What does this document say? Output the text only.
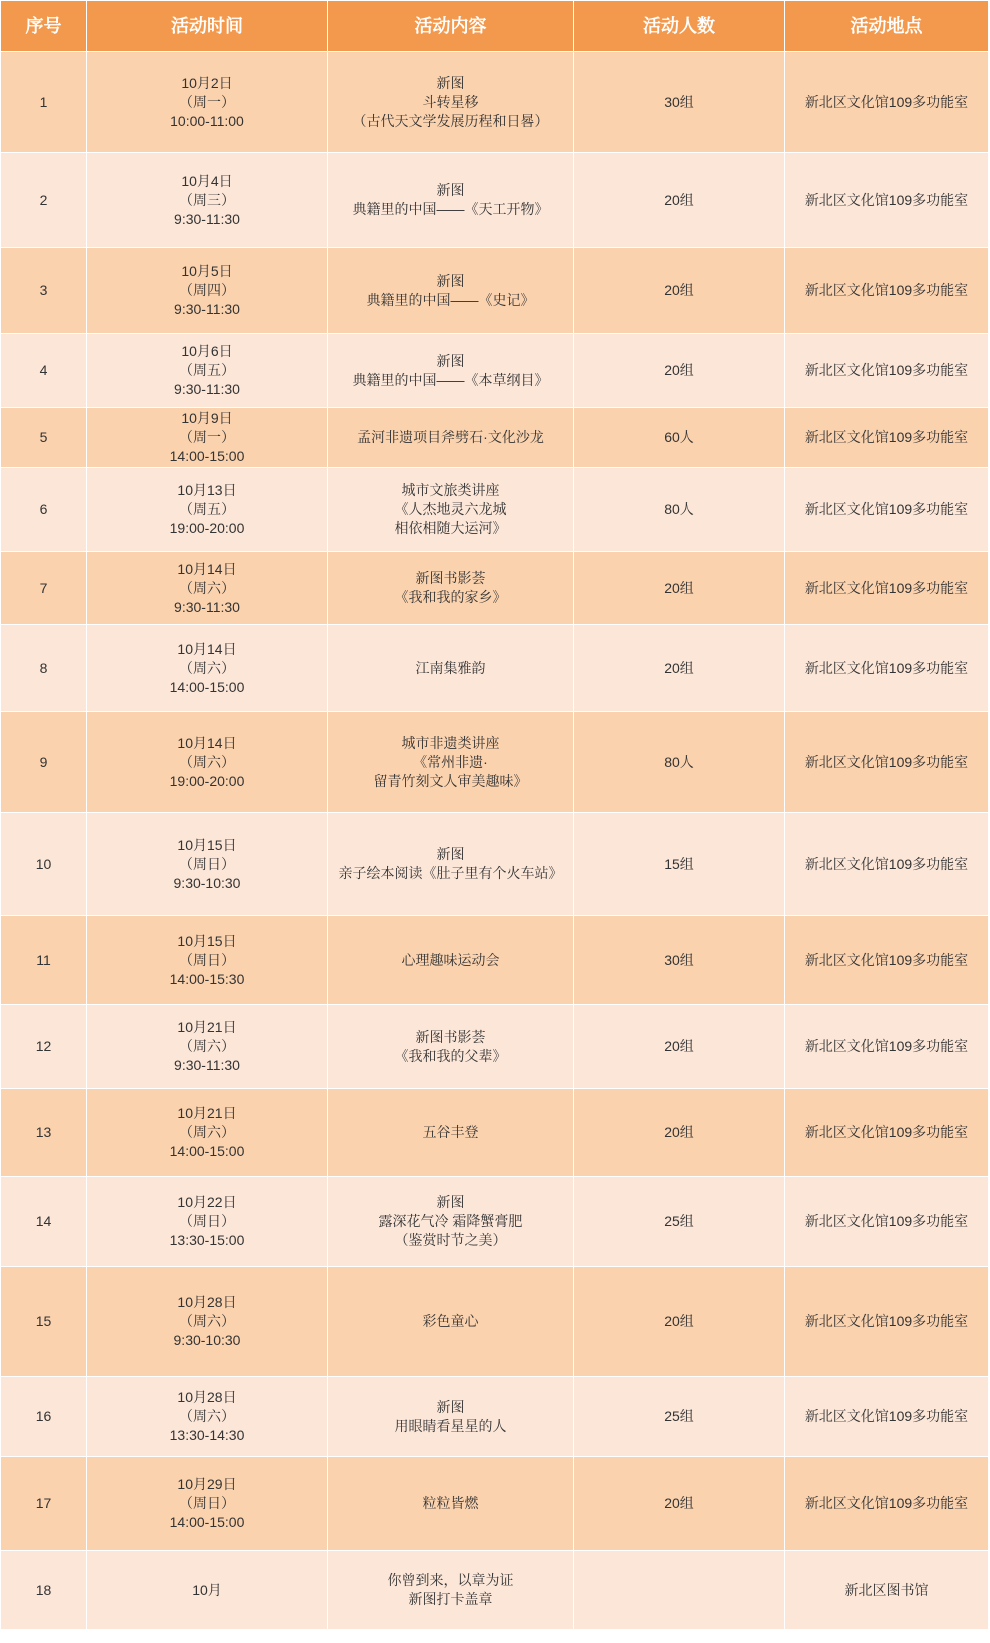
序号	活动时间	活动内容	活动人数	活动地点
1	10月2日
（周一）
10:00-11:00	新图
斗转星移
（古代天文学发展历程和日晷）	30组	新北区文化馆109多功能室
2	10月4日
（周三）
9:30-11:30	新图
典籍里的中国——《天工开物》	20组	新北区文化馆109多功能室
3	10月5日
（周四）
9:30-11:30	新图
典籍里的中国——《史记》	20组	新北区文化馆109多功能室
4	10月6日
（周五）
9:30-11:30	新图
典籍里的中国——《本草纲目》	20组	新北区文化馆109多功能室
5	10月9日
（周一）
14:00-15:00	孟河非遗项目斧劈石·文化沙龙	60人	新北区文化馆109多功能室
6	10月13日
（周五）
19:00-20:00	城市文旅类讲座
《人杰地灵六龙城
相依相随大运河》	80人	新北区文化馆109多功能室
7	10月14日
（周六）
9:30-11:30	新图书影荟
《我和我的家乡》	20组	新北区文化馆109多功能室
8	10月14日
（周六）
14:00-15:00	江南集雅韵	20组	新北区文化馆109多功能室
9	10月14日
（周六）
19:00-20:00	城市非遗类讲座
《常州非遗·
留青竹刻文人审美趣味》	80人	新北区文化馆109多功能室
10	10月15日
（周日）
9:30-10:30	新图
亲子绘本阅读《肚子里有个火车站》	15组	新北区文化馆109多功能室
11	10月15日
（周日）
14:00-15:30	心理趣味运动会	30组	新北区文化馆109多功能室
12	10月21日
（周六）
9:30-11:30	新图书影荟
《我和我的父辈》	20组	新北区文化馆109多功能室
13	10月21日
（周六）
14:00-15:00	五谷丰登	20组	新北区文化馆109多功能室
14	10月22日
（周日）
13:30-15:00	新图
露深花气冷 霜降蟹膏肥
（鉴赏时节之美）	25组	新北区文化馆109多功能室
15	10月28日
（周六）
9:30-10:30	彩色童心	20组	新北区文化馆109多功能室
16	10月28日
（周六）
13:30-14:30	新图
用眼睛看星星的人	25组	新北区文化馆109多功能室
17	10月29日
（周日）
14:00-15:00	粒粒皆燃	20组	新北区文化馆109多功能室
18	10月	你曾到来，以章为证
新图打卡盖章		新北区图书馆
